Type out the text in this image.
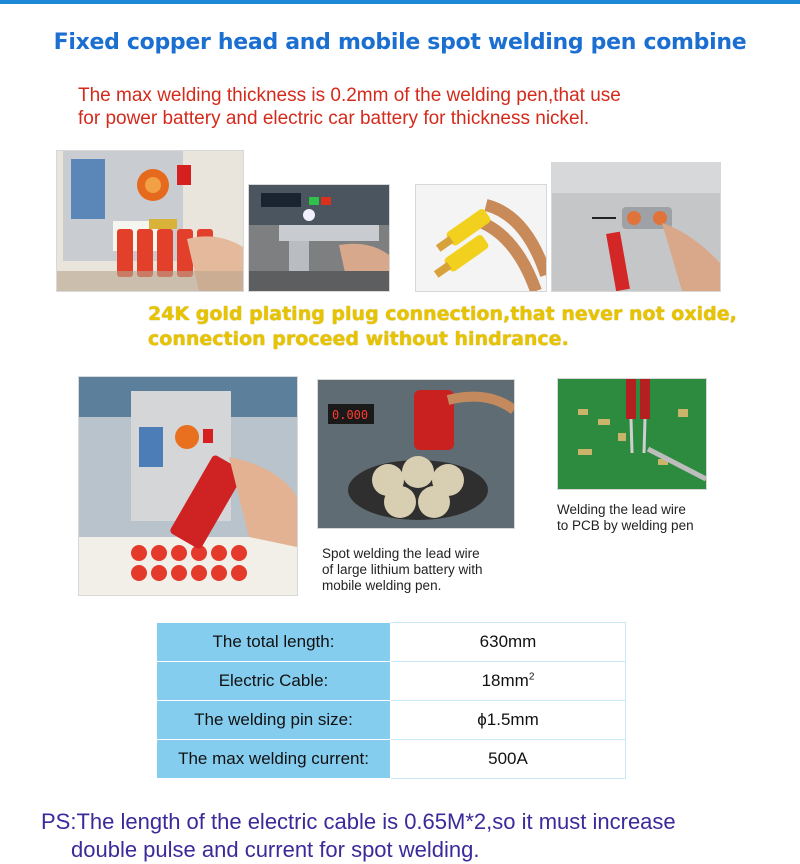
Fixed copper head and mobile spot welding pen combine
The max welding thickness is 0.2mm of the welding pen,that use
for power battery and electric car battery for thickness nickel.
24K gold plating plug connection,that never not oxide,
connection proceed without hindrance.
0.000
Welding the lead wire
to PCB by welding pen
Spot welding the lead wire
of large lithium battery with
mobile welding pen.
The total length:	630mm
Electric Cable:	$18mm^2$
The welding pin size:	ϕ1.5mm
The max welding current:	500A
PS:The length of the electric cable is 0.65M*2,so it must increase
double pulse and current for spot welding.
